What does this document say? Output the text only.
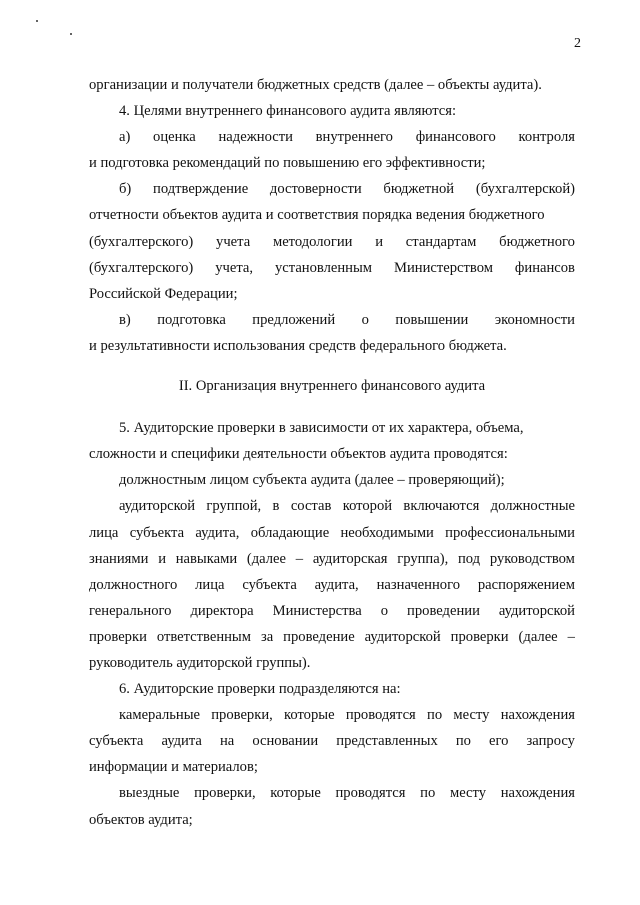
2
организации и получатели бюджетных средств (далее – объекты аудита).
4. Целями внутреннего финансового аудита являются:
а) оценка надежности внутреннего финансового контроля
и подготовка рекомендаций по повышению его эффективности;
б) подтверждение достоверности бюджетной (бухгалтерской)
отчетности объектов аудита и соответствия порядка ведения бюджетного
(бухгалтерского) учета методологии и стандартам бюджетного
(бухгалтерского) учета, установленным Министерством финансов
Российской Федерации;
в) подготовка предложений о повышении экономности
и результативности использования средств федерального бюджета.
II. Организация внутреннего финансового аудита
5. Аудиторские проверки в зависимости от их характера, объема,
сложности и специфики деятельности объектов аудита проводятся:
должностным лицом субъекта аудита (далее – проверяющий);
аудиторской группой, в состав которой включаются должностные
лица субъекта аудита, обладающие необходимыми профессиональными
знаниями и навыками (далее – аудиторская группа), под руководством
должностного лица субъекта аудита, назначенного распоряжением
генерального директора Министерства о проведении аудиторской
проверки ответственным за проведение аудиторской проверки (далее –
руководитель аудиторской группы).
6. Аудиторские проверки подразделяются на:
камеральные проверки, которые проводятся по месту нахождения
субъекта аудита на основании представленных по его запросу
информации и материалов;
выездные проверки, которые проводятся по месту нахождения
объектов аудита;
